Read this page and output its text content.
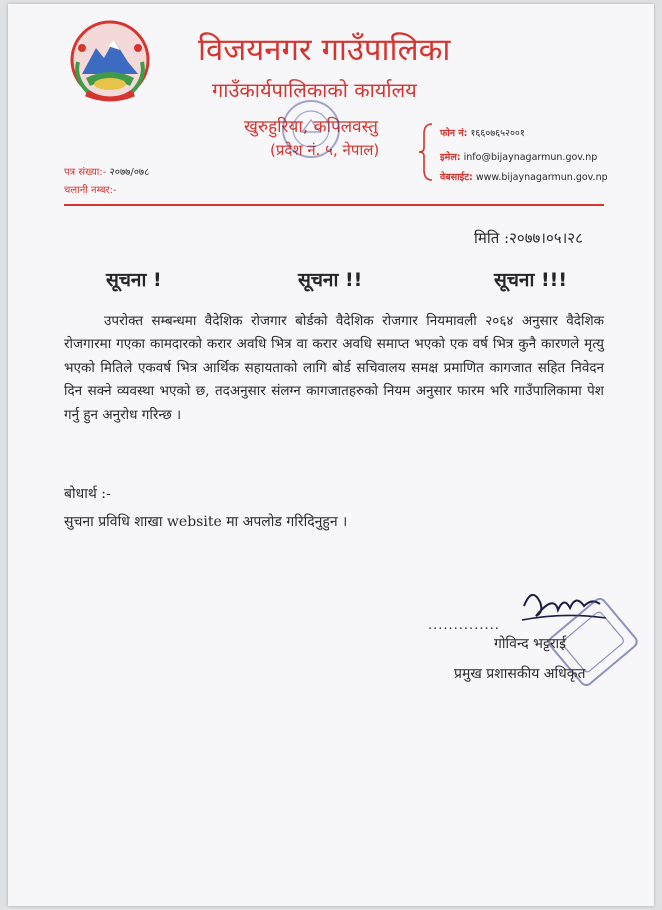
विजयनगर गाउँपालिका
गाउँकार्यपालिकाको कार्यालय
खुरुहुरिया, कपिलवस्तु
(प्रदेश नं. ५, नेपाल)
फोन नं: १६६०७६५२००१
इमेल: info@bijaynagarmun.gov.np
वेबसाईट: www.bijaynagarmun.gov.np
पत्र संख्या:- २०७७/०७८
चलानी नम्बर:-
मिति :२०७७।०५।२८
सूचना !	सूचना !!	सूचना !!!
उपरोक्त सम्बन्धमा वैदेशिक रोजगार बोर्डको वैदेशिक रोजगार नियमावली २०६४ अनुसार वैदेशिक रोजगारमा गएका कामदारको करार अवधि भित्र वा करार अवधि समाप्त भएको एक वर्ष भित्र कुनै कारणले मृत्यु भएको मितिले एकवर्ष भित्र आर्थिक सहायताको लागि बोर्ड सचिवालय समक्ष प्रमाणित कागजात सहित निवेदन दिन सक्ने व्यवस्था भएको छ, तदअनुसार संलग्न कागजातहरुको नियम अनुसार फारम भरि गाउँपालिकामा पेश गर्नु हुन अनुरोध गरिन्छ ।
बोधार्थ :-
सुचना प्रविधि शाखा website मा अपलोड गरिदिनुहुन ।
..............
गोविन्द भट्टराई
प्रमुख प्रशासकीय अधिकृत
